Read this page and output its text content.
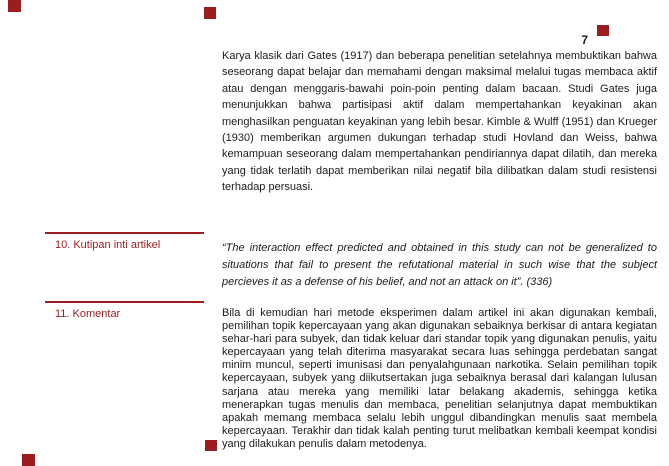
7
Karya klasik dari Gates (1917) dan beberapa penelitian setelahnya membuktikan bahwa seseorang dapat belajar dan memahami dengan maksimal melalui tugas membaca aktif atau dengan menggaris-bawahi poin-poin penting dalam bacaan. Studi Gates juga menunjukkan bahwa partisipasi aktif dalam mempertahankan keyakinan akan menghasilkan penguatan keyakinan yang lebih besar. Kimble & Wulff (1951) dan Krueger (1930) memberikan argumen dukungan terhadap studi Hovland dan Weiss, bahwa kemampuan seseorang dalam mempertahankan pendiriannya dapat dilatih, dan mereka yang tidak terlatih dapat memberikan nilai negatif bila dilibatkan dalam studi resistensi terhadap persuasi.
10. Kutipan inti artikel	“The interaction effect predicted and obtained in this study can not be generalized to situations that fail to present the refutational material in such wise that the subject percieves it as a defense of his belief, and not an attack on it”. (336)
11. Komentar	Bila di kemudian hari metode eksperimen dalam artikel ini akan digunakan kembali, pemilihan topik kepercayaan yang akan digunakan sebaiknya berkisar di antara kegiatan sehar-hari para subyek, dan tidak keluar dari standar topik yang digunakan penulis, yaitu kepercayaan yang telah diterima masyarakat secara luas sehingga perdebatan sangat minim muncul, seperti imunisasi dan penyalahgunaan narkotika. Selain pemilihan topik kepercayaan, subyek yang diikutsertakan juga sebaiknya berasal dari kalangan lulusan sarjana atau mereka yang memiliki latar belakang akademis, sehingga ketika menerapkan tugas menulis dan membaca, penelitian selanjutnya dapat membuktikan apakah memang membaca selalu lebih unggul dibandingkan menulis saat membela kepercayaan. Terakhir dan tidak kalah penting turut melibatkan kembali keempat kondisi yang dilakukan penulis dalam metodenya.
